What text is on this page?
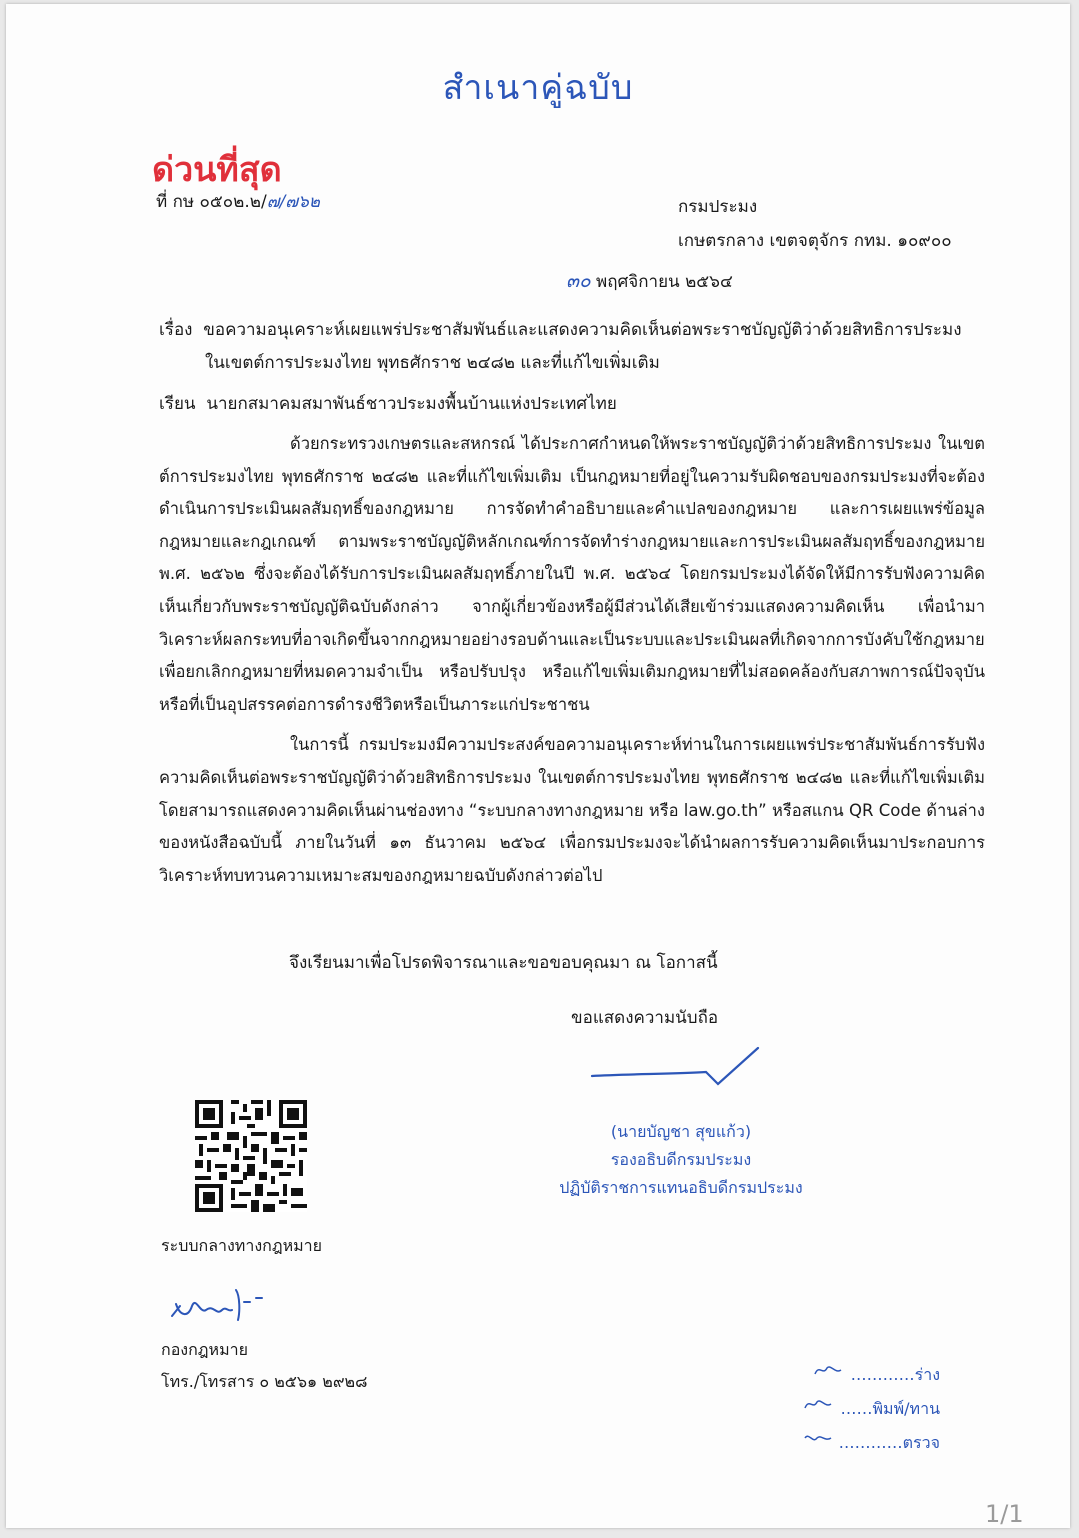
สำเนาคู่ฉบับ
ด่วนที่สุด
ที่ กษ ๐๕๐๒.๒/๗/๗๖๒	กรมประมง
เกษตรกลาง เขตจตุจักร กทม. ๑๐๙๐๐
๓๐ พฤศจิกายน ๒๕๖๔
เรื่อง ขอความอนุเคราะห์เผยแพร่ประชาสัมพันธ์และแสดงความคิดเห็นต่อพระราชบัญญัติว่าด้วยสิทธิการประมง
ในเขตต์การประมงไทย พุทธศักราช ๒๔๘๒ และที่แก้ไขเพิ่มเติม
เรียน นายกสมาคมสมาพันธ์ชาวประมงพื้นบ้านแห่งประเทศไทย

ด้วยกระทรวงเกษตรและสหกรณ์ ได้ประกาศกำหนดให้พระราชบัญญัติว่าด้วยสิทธิการประมง ในเขตต์การประมงไทย พุทธศักราช ๒๔๘๒ และที่แก้ไขเพิ่มเติม เป็นกฎหมายที่อยู่ในความรับผิดชอบของกรมประมงที่จะต้องดำเนินการประเมินผลสัมฤทธิ์ของกฎหมาย การจัดทำคำอธิบายและคำแปลของกฎหมาย และการเผยแพร่ข้อมูลกฎหมายและกฎเกณฑ์ ตามพระราชบัญญัติหลักเกณฑ์การจัดทำร่างกฎหมายและการประเมินผลสัมฤทธิ์ของกฎหมาย พ.ศ. ๒๕๖๒ ซึ่งจะต้องได้รับการประเมินผลสัมฤทธิ์ภายในปี พ.ศ. ๒๕๖๔ โดยกรมประมงได้จัดให้มีการรับฟังความคิดเห็นเกี่ยวกับพระราชบัญญัติฉบับดังกล่าว จากผู้เกี่ยวข้องหรือผู้มีส่วนได้เสียเข้าร่วมแสดงความคิดเห็น เพื่อนำมาวิเคราะห์ผลกระทบที่อาจเกิดขึ้นจากกฎหมายอย่างรอบด้านและเป็นระบบและประเมินผลที่เกิดจากการบังคับใช้กฎหมาย เพื่อยกเลิกกฎหมายที่หมดความจำเป็น หรือปรับปรุง หรือแก้ไขเพิ่มเติมกฎหมายที่ไม่สอดคล้องกับสภาพการณ์ปัจจุบันหรือที่เป็นอุปสรรคต่อการดำรงชีวิตหรือเป็นภาระแก่ประชาชน

ในการนี้ กรมประมงมีความประสงค์ขอความอนุเคราะห์ท่านในการเผยแพร่ประชาสัมพันธ์การรับฟังความคิดเห็นต่อพระราชบัญญัติว่าด้วยสิทธิการประมง ในเขตต์การประมงไทย พุทธศักราช ๒๔๘๒ และที่แก้ไขเพิ่มเติม โดยสามารถแสดงความคิดเห็นผ่านช่องทาง “ระบบกลางทางกฎหมาย หรือ law.go.th” หรือสแกน QR Code ด้านล่างของหนังสือฉบับนี้ ภายในวันที่ ๑๓ ธันวาคม ๒๕๖๔ เพื่อกรมประมงจะได้นำผลการรับความคิดเห็นมาประกอบการวิเคราะห์ทบทวนความเหมาะสมของกฎหมายฉบับดังกล่าวต่อไป

จึงเรียนมาเพื่อโปรดพิจารณาและขอขอบคุณมา ณ โอกาสนี้
ขอแสดงความนับถือ
(นายบัญชา สุขแก้ว)
รองอธิบดีกรมประมง
ปฏิบัติราชการแทนอธิบดีกรมประมง
ระบบกลางทางกฎหมาย
กองกฎหมาย
โทร./โทรสาร ๐ ๒๕๖๑ ๒๙๒๘	…………ร่าง
……พิมพ์/ทาน
…………ตรวจ
1/1
